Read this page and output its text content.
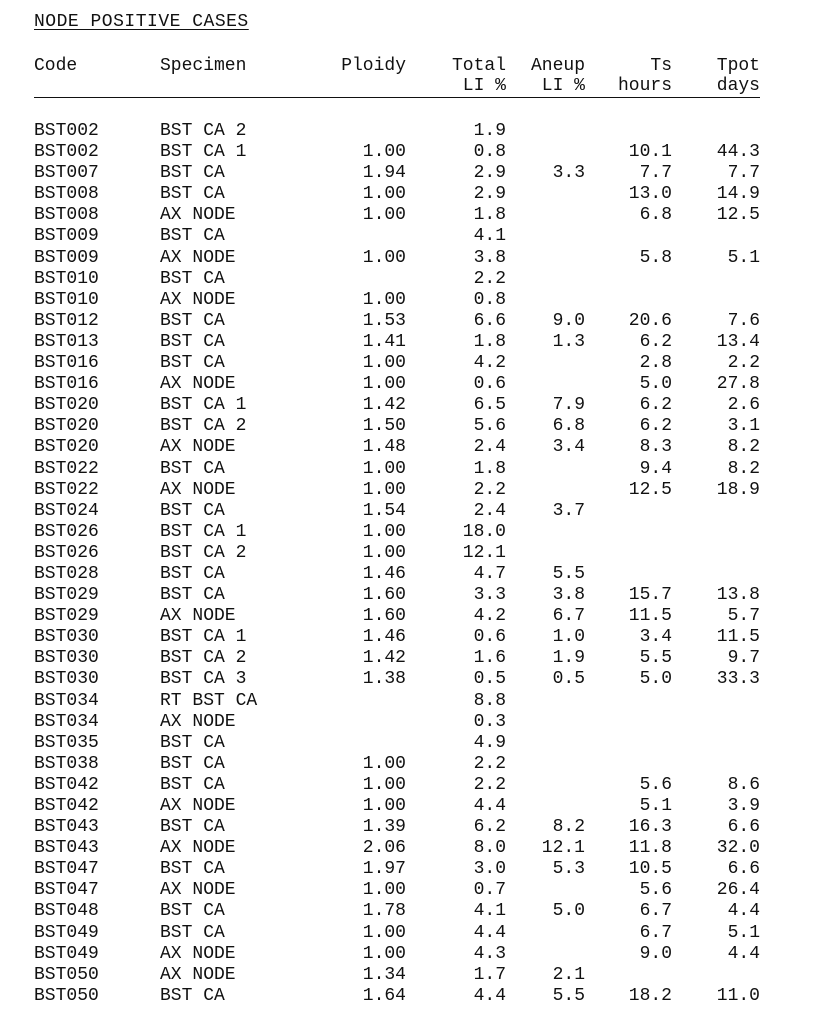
NODE POSITIVE CASES
Code	Specimen	Ploidy	Total	Aneup	Ts	Tpot
			LI %	LI %	hours	days

BST002	BST CA 2		1.9			
BST002	BST CA 1	1.00	0.8		10.1	44.3
BST007	BST CA	1.94	2.9	3.3	7.7	7.7
BST008	BST CA	1.00	2.9		13.0	14.9
BST008	AX NODE	1.00	1.8		6.8	12.5
BST009	BST CA		4.1			
BST009	AX NODE	1.00	3.8		5.8	5.1
BST010	BST CA		2.2			
BST010	AX NODE	1.00	0.8			
BST012	BST CA	1.53	6.6	9.0	20.6	7.6
BST013	BST CA	1.41	1.8	1.3	6.2	13.4
BST016	BST CA	1.00	4.2		2.8	2.2
BST016	AX NODE	1.00	0.6		5.0	27.8
BST020	BST CA 1	1.42	6.5	7.9	6.2	2.6
BST020	BST CA 2	1.50	5.6	6.8	6.2	3.1
BST020	AX NODE	1.48	2.4	3.4	8.3	8.2
BST022	BST CA	1.00	1.8		9.4	8.2
BST022	AX NODE	1.00	2.2		12.5	18.9
BST024	BST CA	1.54	2.4	3.7		
BST026	BST CA 1	1.00	18.0			
BST026	BST CA 2	1.00	12.1			
BST028	BST CA	1.46	4.7	5.5		
BST029	BST CA	1.60	3.3	3.8	15.7	13.8
BST029	AX NODE	1.60	4.2	6.7	11.5	5.7
BST030	BST CA 1	1.46	0.6	1.0	3.4	11.5
BST030	BST CA 2	1.42	1.6	1.9	5.5	9.7
BST030	BST CA 3	1.38	0.5	0.5	5.0	33.3
BST034	RT BST CA		8.8			
BST034	AX NODE		0.3			
BST035	BST CA		4.9			
BST038	BST CA	1.00	2.2			
BST042	BST CA	1.00	2.2		5.6	8.6
BST042	AX NODE	1.00	4.4		5.1	3.9
BST043	BST CA	1.39	6.2	8.2	16.3	6.6
BST043	AX NODE	2.06	8.0	12.1	11.8	32.0
BST047	BST CA	1.97	3.0	5.3	10.5	6.6
BST047	AX NODE	1.00	0.7		5.6	26.4
BST048	BST CA	1.78	4.1	5.0	6.7	4.4
BST049	BST CA	1.00	4.4		6.7	5.1
BST049	AX NODE	1.00	4.3		9.0	4.4
BST050	AX NODE	1.34	1.7	2.1		
BST050	BST CA	1.64	4.4	5.5	18.2	11.0
